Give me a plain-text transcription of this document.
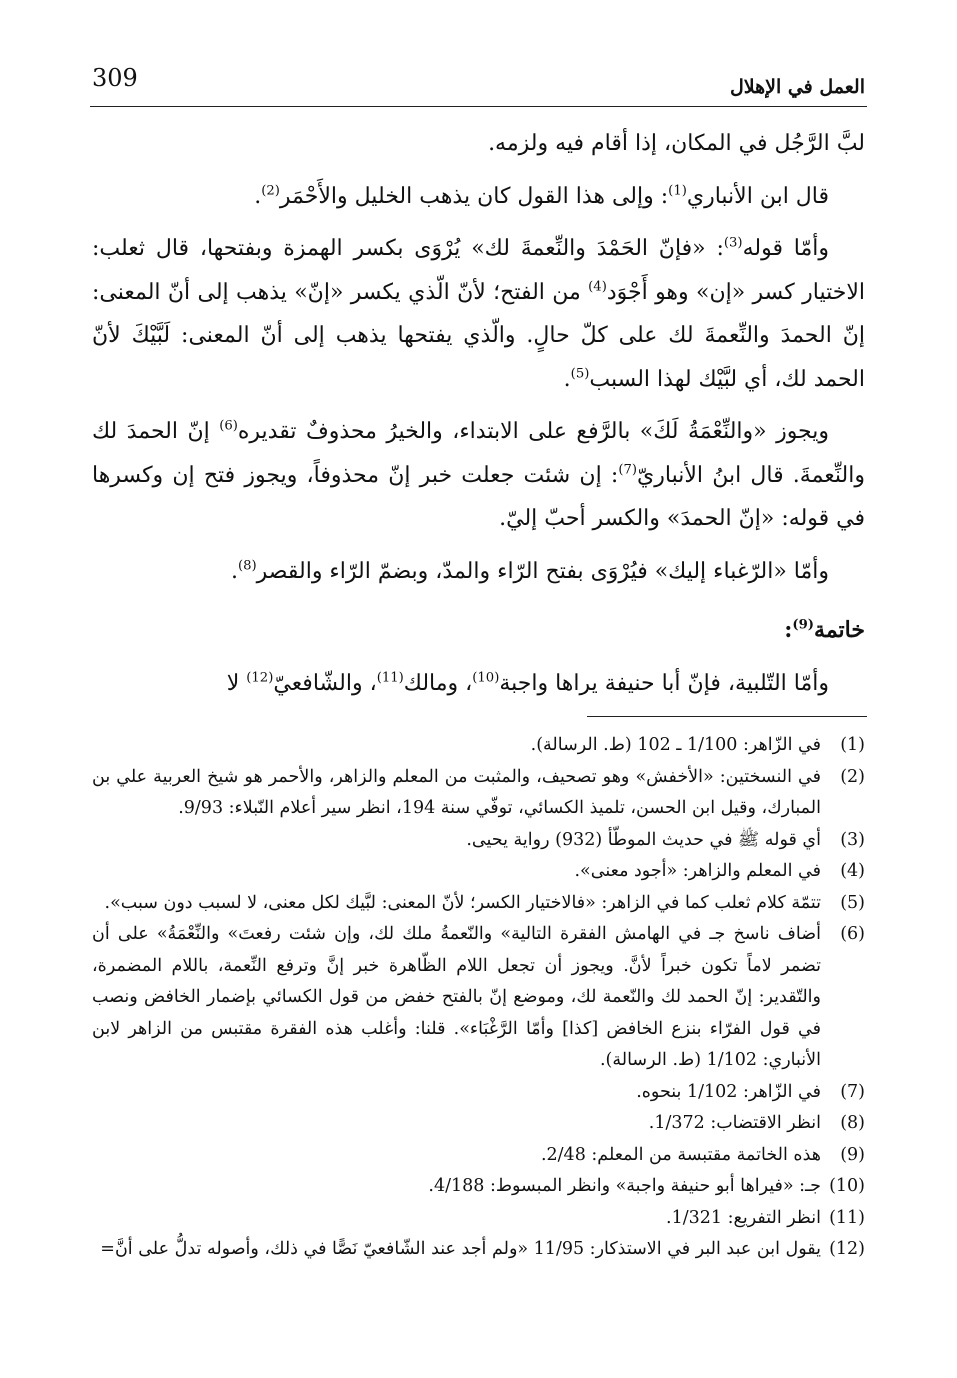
العمل في الإهلال
309

لبَّ الرَّجُل في المكان، إذا أقام فيه ولزمه.

قال ابن الأنباري$^{(1)}$: وإلى هذا القول كان يذهب الخليل والأَحْمَر$^{(2)}$.

وأمّا قوله$^{(3)}$: «فإنّ الحَمْدَ والنِّعمةَ لك» يُرْوَى بكسر الهمزة وبفتحها، قال ثعلب: الاختيار كسر «إن» وهو أَجْوَد$^{(4)}$ من الفتح؛ لأنّ الّذي يكسر «إنّ» يذهب إلى أنّ المعنى: إنّ الحمدَ والنِّعمةَ لك على كلّ حالٍ. والّذي يفتحها يذهب إلى أنّ المعنى: لَبَّيْكَ لأنّ الحمد لك، أي لبَّيْك لهذا السبب$^{(5)}$.

ويجوز «والنِّعْمَةُ لَكَ» بالرَّفع على الابتداء، والخيرُ محذوفٌ تقديره$^{(6)}$ إنّ الحمدَ لك والنِّعمةَ. قال ابنُ الأنباريّ$^{(7)}$: إن شئت جعلت خبر إنّ محذوفاً، ويجوز فتح إن وكسرها في قوله: «إنّ الحمدَ» والكسر أحبّ إليّ.

وأمّا «الرّغباء إليك» فيُرْوَى بفتح الرّاء والمدّ، وبضمّ الرّاء والقصر$^{(8)}$.

خاتمة$^{(9)}$:

وأمّا التّلبية، فإنّ أبا حنيفة يراها واجبة$^{(10)}$، ومالك$^{(11)}$، والشّافعيّ$^{(12)}$ لا

(1)
في الزّاهر: 1/100 ـ 102 (ط. الرسالة).
(2)
في النسختين: «الأخفش» وهو تصحيف، والمثبت من المعلم والزاهر، والأحمر هو شيخ العربية علي بن المبارك، وقيل ابن الحسن، تلميذ الكسائي، توفّي سنة 194، انظر سير أعلام النّبلاء: 9/93.
(3)
أي قوله ﷺ في حديث الموطّأ (932) رواية يحيى.
(4)
في المعلم والزاهر: «أجود معنى».
(5)
تتمّة كلام ثعلب كما في الزاهر: «فالاختيار الكسر؛ لأنّ المعنى: لبَّيك لكل معنى، لا لسبب دون سبب».
(6)
أضاف ناسخ جـ في الهامش الفقرة التالية» والنّعمةُ ملك لك، وإن شئت رفعتَ» والنِّعْمَةُ» على أن تضمر لاماً تكون خبراً لأنَّ. ويجوز أن تجعل اللام الظّاهرة خبر إنَّ وترفع النِّعمة، باللام المضمرة، والتّقدير: إنّ الحمد لك والنّعمة لك، وموضع إنّ بالفتح خفض من قول الكسائي بإضمار الخافض ونصب في قول الفرّاء بنزع الخافض [كذا] وأمّا الرَّغْبَاء». قلنا: وأغلب هذه الفقرة مقتبس من الزاهر لابن الأنباري: 1/102 (ط. الرسالة).
(7)
في الزّاهر: 1/102 بنحوه.
(8)
انظر الاقتضاب: 1/372.
(9)
هذه الخاتمة مقتبسة من المعلم: 2/48.
(10)
جـ: «فيراها أبو حنيفة واجبة» وانظر المبسوط: 4/188.
(11)
انظر التفريع: 1/321.
(12)
يقول ابن عبد البر في الاستذكار: 11/95 «ولم أجد عند الشّافعيّ نَصًّا في ذلك، وأصوله تدلُّ على أنَّ=
